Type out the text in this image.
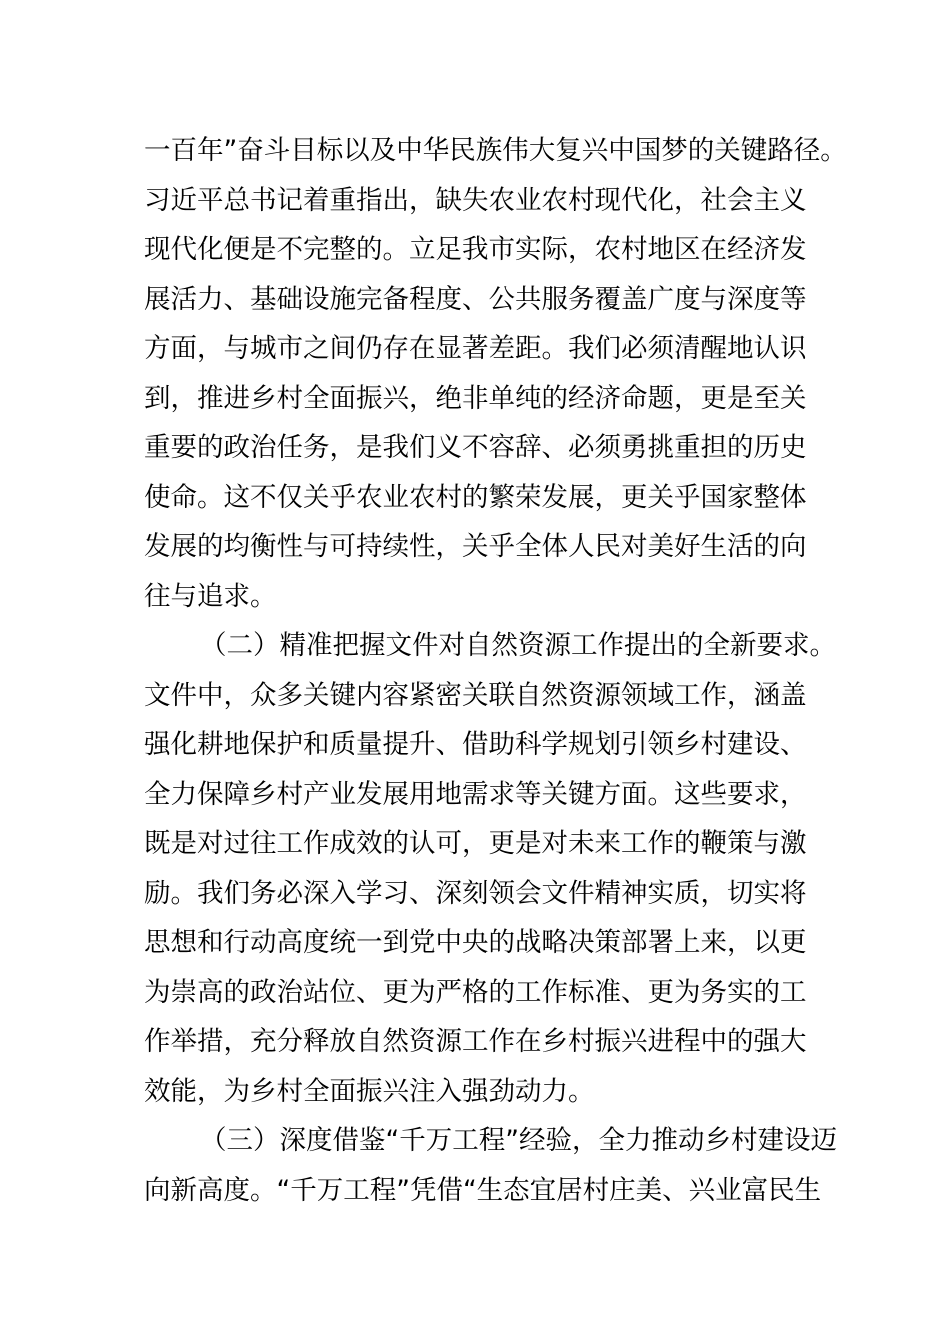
一百年”奋斗目标以及中华民族伟大复兴中国梦的关键路径。
习近平总书记着重指出，缺失农业农村现代化，社会主义
现代化便是不完整的。立足我市实际，农村地区在经济发
展活力、基础设施完备程度、公共服务覆盖广度与深度等
方面，与城市之间仍存在显著差距。我们必须清醒地认识
到，推进乡村全面振兴，绝非单纯的经济命题，更是至关
重要的政治任务，是我们义不容辞、必须勇挑重担的历史
使命。这不仅关乎农业农村的繁荣发展，更关乎国家整体
发展的均衡性与可持续性，关乎全体人民对美好生活的向
往与追求。
（二）精准把握文件对自然资源工作提出的全新要求。
文件中，众多关键内容紧密关联自然资源领域工作，涵盖
强化耕地保护和质量提升、借助科学规划引领乡村建设、
全力保障乡村产业发展用地需求等关键方面。这些要求，
既是对过往工作成效的认可，更是对未来工作的鞭策与激
励。我们务必深入学习、深刻领会文件精神实质，切实将
思想和行动高度统一到党中央的战略决策部署上来，以更
为崇高的政治站位、更为严格的工作标准、更为务实的工
作举措，充分释放自然资源工作在乡村振兴进程中的强大
效能，为乡村全面振兴注入强劲动力。
（三）深度借鉴“千万工程”经验，全力推动乡村建设迈
向新高度。“千万工程”凭借“生态宜居村庄美、兴业富民生
